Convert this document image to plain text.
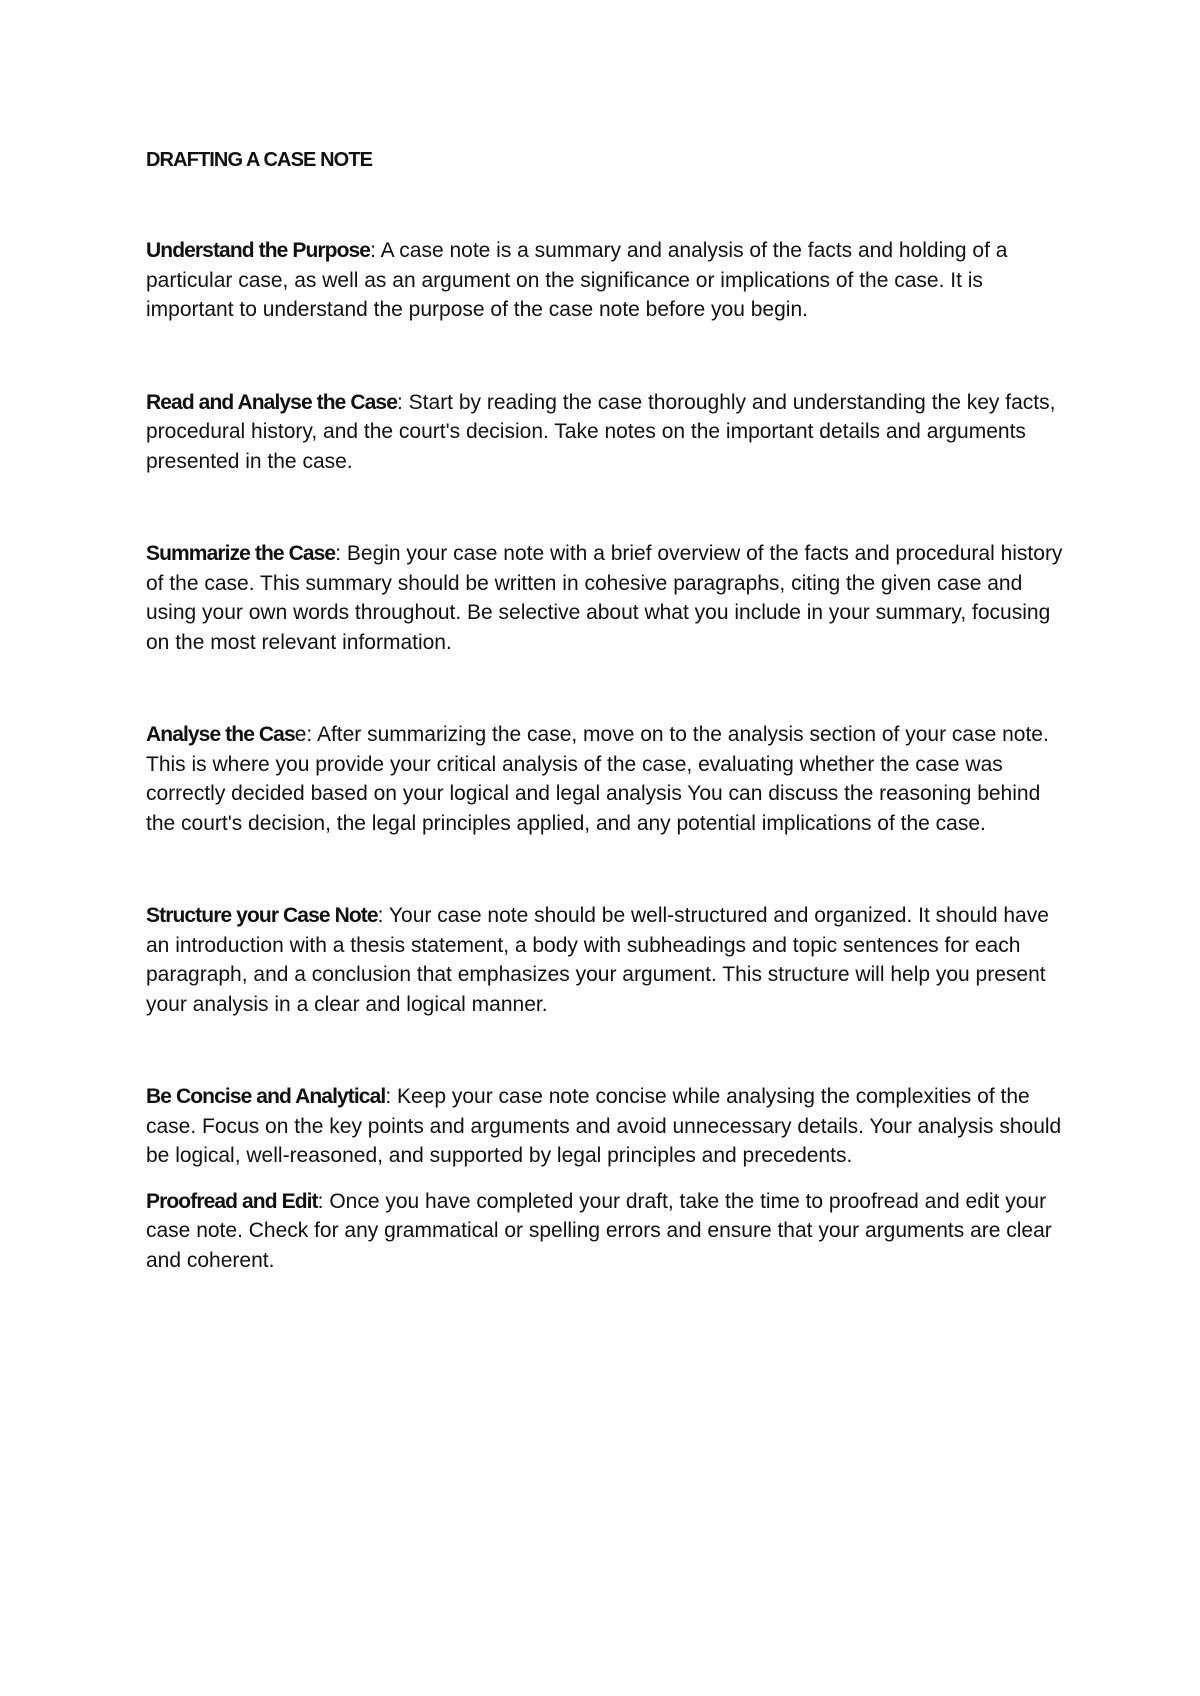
DRAFTING A CASE NOTE

Understand the Purpose: A case note is a summary and analysis of the facts and holding of a particular case, as well as an argument on the significance or implications of the case. It is important to understand the purpose of the case note before you begin.

Read and Analyse the Case: Start by reading the case thoroughly and understanding the key facts, procedural history, and the court's decision. Take notes on the important details and arguments presented in the case.

Summarize the Case: Begin your case note with a brief overview of the facts and procedural history of the case. This summary should be written in cohesive paragraphs, citing the given case and using your own words throughout. Be selective about what you include in your summary, focusing on the most relevant information.

Analyse the Case: After summarizing the case, move on to the analysis section of your case note. This is where you provide your critical analysis of the case, evaluating whether the case was correctly decided based on your logical and legal analysis You can discuss the reasoning behind the court's decision, the legal principles applied, and any potential implications of the case.

Structure your Case Note: Your case note should be well-structured and organized. It should have an introduction with a thesis statement, a body with subheadings and topic sentences for each paragraph, and a conclusion that emphasizes your argument. This structure will help you present your analysis in a clear and logical manner.

Be Concise and Analytical: Keep your case note concise while analysing the complexities of the case. Focus on the key points and arguments and avoid unnecessary details. Your analysis should be logical, well-reasoned, and supported by legal principles and precedents.

Proofread and Edit: Once you have completed your draft, take the time to proofread and edit your case note. Check for any grammatical or spelling errors and ensure that your arguments are clear and coherent.
